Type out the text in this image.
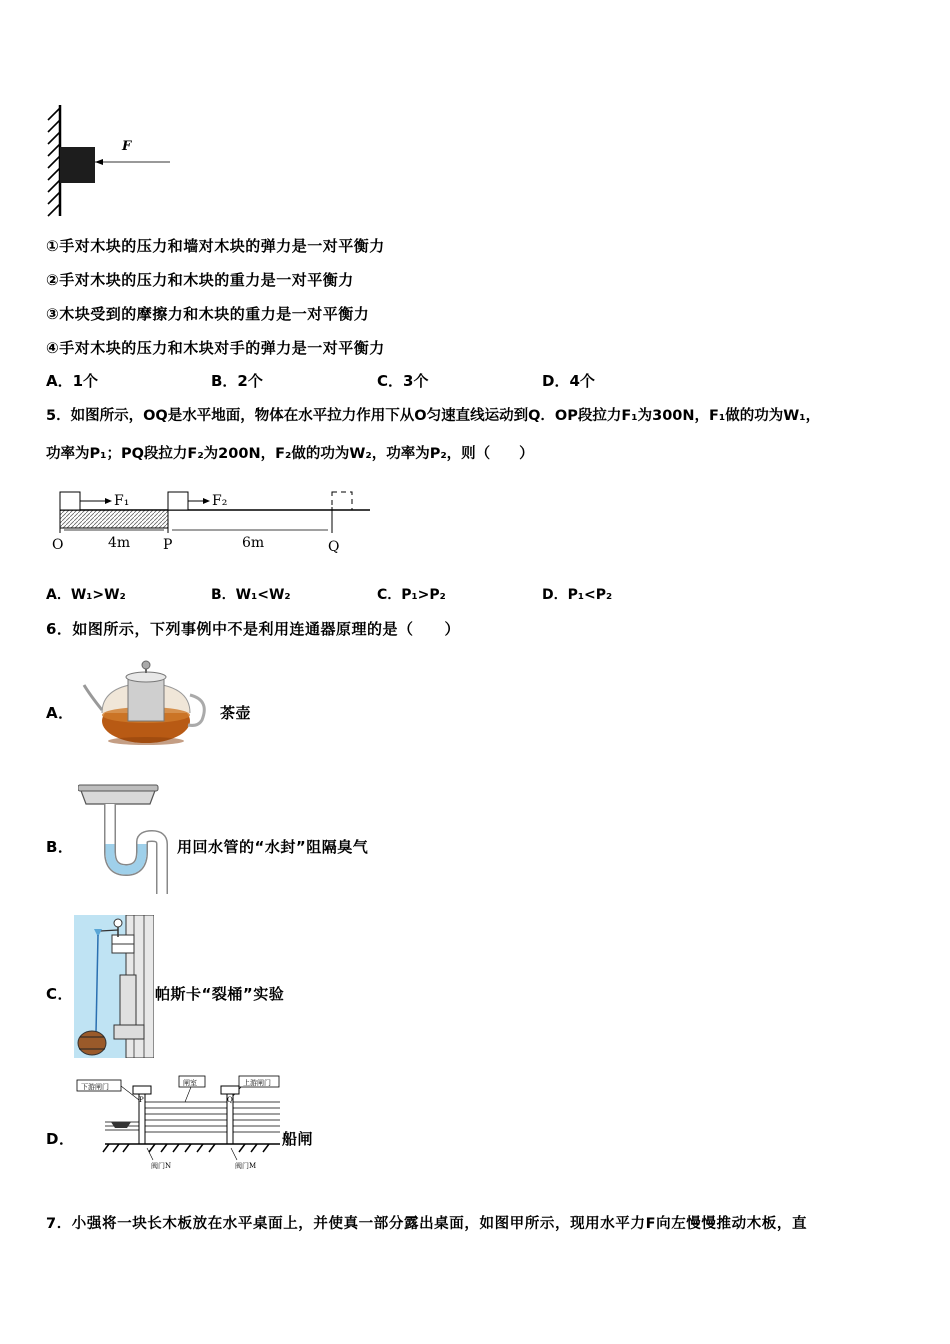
F
①手对木块的压力和墙对木块的弹力是一对平衡力
②手对木块的压力和木块的重力是一对平衡力
③木块受到的摩擦力和木块的重力是一对平衡力
④手对木块的压力和木块对手的弹力是一对平衡力
A．1个	B．2个	C．3个	D．4个
5．如图所示，OQ是水平地面，物体在水平拉力作用下从O匀速直线运动到Q．OP段拉力F₁为300N，F₁做的功为W₁，
功率为P₁；PQ段拉力F₂为200N，F₂做的功为W₂，功率为P₂，则（　　）
F₁	F₂
O	4m P	6m	Q
A．W₁>W₂	B．W₁<W₂	C．P₁>P₂	D．P₁<P₂
6．如图所示，下列事例中不是利用连通器原理的是（　　）
A．	茶壶
B．	用回水管的“水封”阻隔臭气
C．	帕斯卡“裂桶”实验
D．
下游闸门	闸室	上游闸门
P	Q
阀门N	阀门M
船闸
7．小强将一块长木板放在水平桌面上，并使真一部分露出桌面，如图甲所示，现用水平力F向左慢慢推动木板，直
